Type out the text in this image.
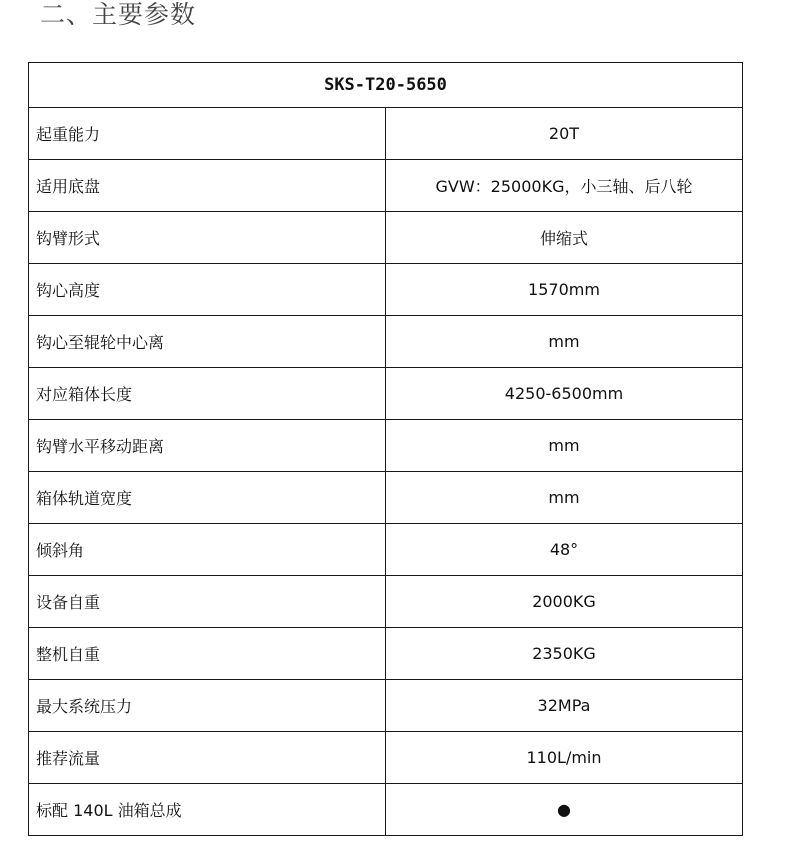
二、主要参数
SKS-T20-5650	
起重能力	20T
适用底盘	GVW：25000KG，小三轴、后八轮
钩臂形式	伸缩式
钩心高度	1570mm
钩心至辊轮中心离	mm
对应箱体长度	4250-6500mm
钩臂水平移动距离	mm
箱体轨道宽度	mm
倾斜角	48°
设备自重	2000KG
整机自重	2350KG
最大系统压力	32MPa
推荐流量	110L/min
标配 140L 油箱总成	●
